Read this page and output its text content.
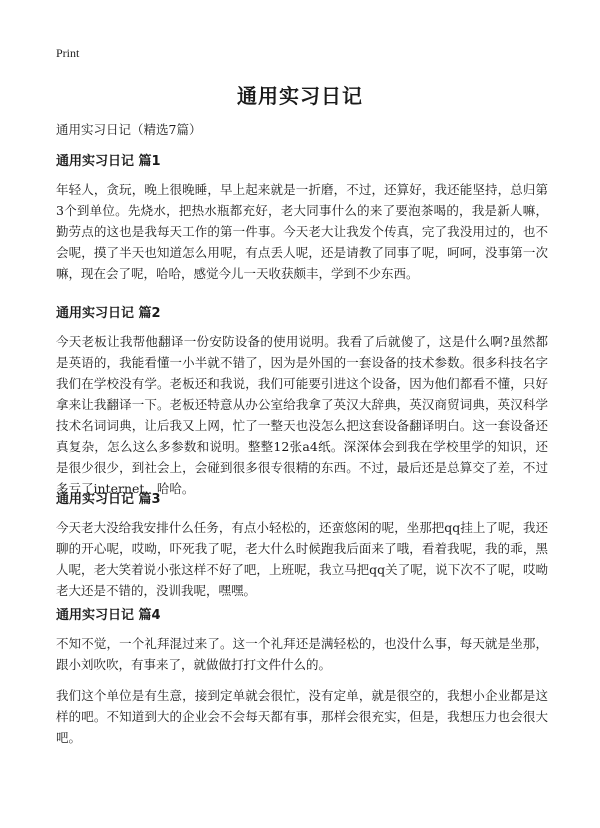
Print
通用实习日记
通用实习日记（精选7篇）
通用实习日记 篇1

年轻人，贪玩，晚上很晚睡，早上起来就是一折磨，不过，还算好，我还能坚持，总归第3个到单位。先烧水，把热水瓶都充好，老大同事什么的来了要泡茶喝的，我是新人嘛，勤劳点的这也是我每天工作的第一件事。今天老大让我发个传真，完了我没用过的，也不会呢，摸了半天也知道怎么用呢，有点丢人呢，还是请教了同事了呢，呵呵，没事第一次嘛，现在会了呢，哈哈，感觉今儿一天收获颇丰，学到不少东西。

通用实习日记 篇2

今天老板让我帮他翻译一份安防设备的使用说明。我看了后就傻了，这是什么啊?虽然都是英语的，我能看懂一小半就不错了，因为是外国的一套设备的技术参数。很多科技名字我们在学校没有学。老板还和我说，我们可能要引进这个设备，因为他们都看不懂，只好拿来让我翻译一下。老板还特意从办公室给我拿了英汉大辞典，英汉商贸词典，英汉科学技术名词词典，让后我又上网，忙了一整天也没怎么把这套设备翻译明白。这一套设备还真复杂，怎么这么多参数和说明。整整12张a4纸。深深体会到我在学校里学的知识，还是很少很少，到社会上，会碰到很多很专很精的东西。不过，最后还是总算交了差，不过多亏了internet，哈哈。

通用实习日记 篇3

今天老大没给我安排什么任务，有点小轻松的，还蛮悠闲的呢，坐那把qq挂上了呢，我还聊的开心呢，哎呦，吓死我了呢，老大什么时候跑我后面来了哦，看着我呢，我的乖，黑人呢，老大笑着说小张这样不好了吧，上班呢，我立马把qq关了呢，说下次不了呢，哎呦老大还是不错的，没训我呢，嘿嘿。

通用实习日记 篇4

不知不觉，一个礼拜混过来了。这一个礼拜还是满轻松的，也没什么事，每天就是坐那，跟小刘吹吹，有事来了，就做做打打文件什么的。

我们这个单位是有生意，接到定单就会很忙，没有定单，就是很空的，我想小企业都是这样的吧。不知道到大的企业会不会每天都有事，那样会很充实，但是，我想压力也会很大吧。
